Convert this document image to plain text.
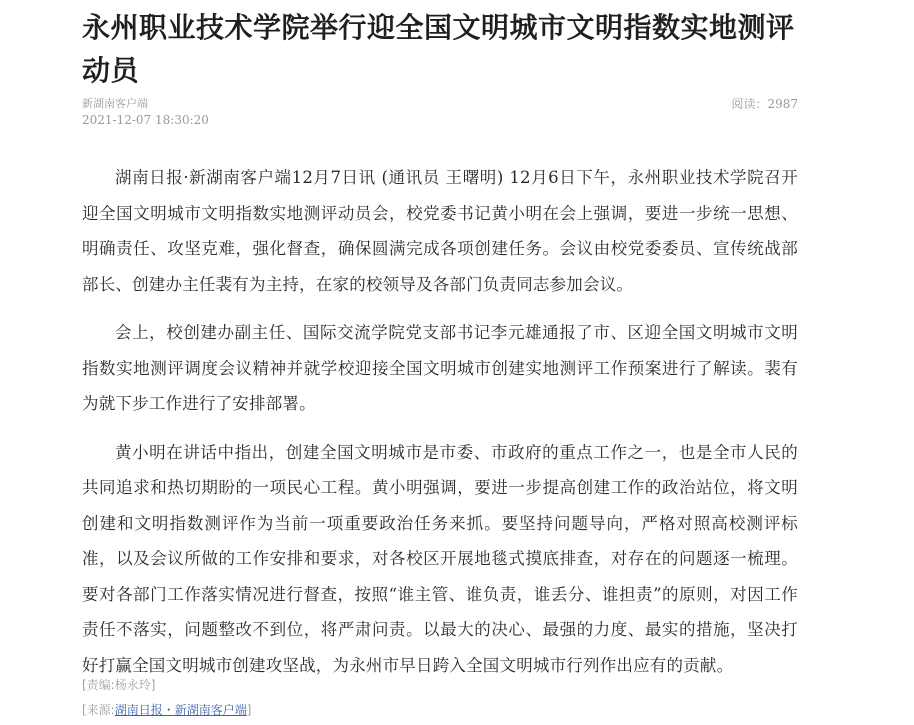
永州职业技术学院举行迎全国文明城市文明指数实地测评动员
新湖南客户端
2021-12-07 18:30:20
阅读：2987

湖南日报·新湖南客户端12月7日讯 (通讯员 王曙明) 12月6日下午，永州职业技术学院召开迎全国文明城市文明指数实地测评动员会，校党委书记黄小明在会上强调，要进一步统一思想、明确责任、攻坚克难，强化督查，确保圆满完成各项创建任务。会议由校党委委员、宣传统战部部长、创建办主任裴有为主持，在家的校领导及各部门负责同志参加会议。

会上，校创建办副主任、国际交流学院党支部书记李元雄通报了市、区迎全国文明城市文明指数实地测评调度会议精神并就学校迎接全国文明城市创建实地测评工作预案进行了解读。裴有为就下步工作进行了安排部署。

黄小明在讲话中指出，创建全国文明城市是市委、市政府的重点工作之一，也是全市人民的共同追求和热切期盼的一项民心工程。黄小明强调，要进一步提高创建工作的政治站位，将文明创建和文明指数测评作为当前一项重要政治任务来抓。要坚持问题导向，严格对照高校测评标准，以及会议所做的工作安排和要求，对各校区开展地毯式摸底排查，对存在的问题逐一梳理。要对各部门工作落实情况进行督查，按照“谁主管、谁负责，谁丢分、谁担责”的原则，对因工作责任不落实，问题整改不到位，将严肃问责。以最大的决心、最强的力度、最实的措施，坚决打好打赢全国文明城市创建攻坚战，为永州市早日跨入全国文明城市行列作出应有的贡献。

[责编:杨永玲]
[来源:湖南日报・新湖南客户端]
